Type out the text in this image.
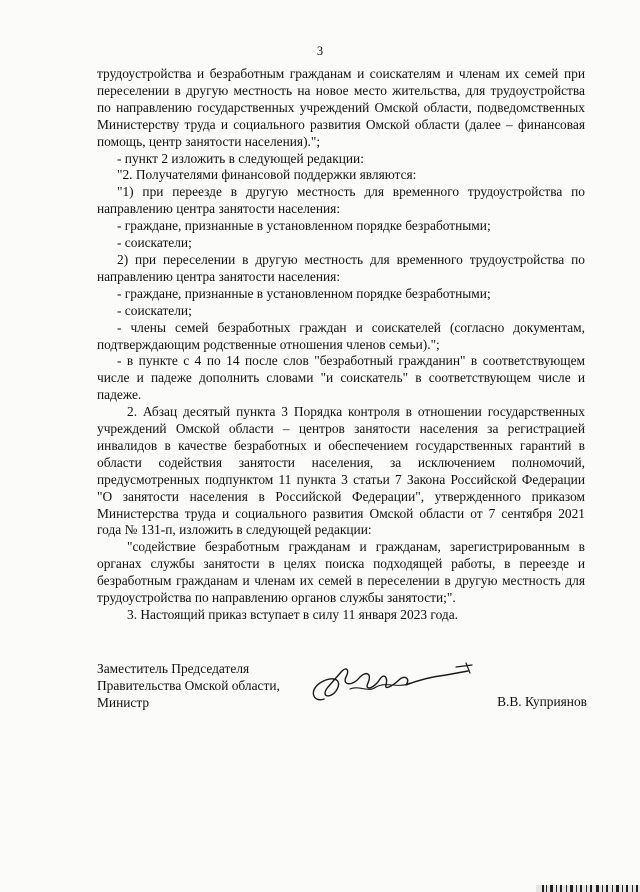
3

трудоустройства и безработным гражданам и соискателям и членам их семей при переселении в другую местность на новое место жительства, для трудоустройства по направлению государственных учреждений Омской области, подведомственных Министерству труда и социального развития Омской области (далее – финансовая помощь, центр занятости населения).";

- пункт 2 изложить в следующей редакции:

"2. Получателями финансовой поддержки являются:

"1) при переезде в другую местность для временного трудоустройства по направлению центра занятости населения:

- граждане, признанные в установленном порядке безработными;

- соискатели;

2) при переселении в другую местность для временного трудоустройства по направлению центра занятости населения:

- граждане, признанные в установленном порядке безработными;

- соискатели;

- члены семей безработных граждан и соискателей (согласно документам, подтверждающим родственные отношения членов семьи).";

- в пункте с 4 по 14 после слов "безработный гражданин" в соответствующем числе и падеже дополнить словами "и соискатель" в соответствующем числе и падеже.

2. Абзац десятый пункта 3 Порядка контроля в отношении государственных учреждений Омской области – центров занятости населения за регистрацией инвалидов в качестве безработных и обеспечением государственных гарантий в области содействия занятости населения, за исключением полномочий, предусмотренных подпунктом 11 пункта 3 статьи 7 Закона Российской Федерации "О занятости населения в Российской Федерации", утвержденного приказом Министерства труда и социального развития Омской области от 7 сентября 2021 года № 131-п, изложить в следующей редакции:

"содействие безработным гражданам и гражданам, зарегистрированным в органах службы занятости в целях поиска подходящей работы, в переезде и безработным гражданам и членам их семей в переселении в другую местность для трудоустройства по направлению органов службы занятости;".

3. Настоящий приказ вступает в силу 11 января 2023 года.

Заместитель Председателя
Правительства Омской области,
Министр	В.В. Куприянов
